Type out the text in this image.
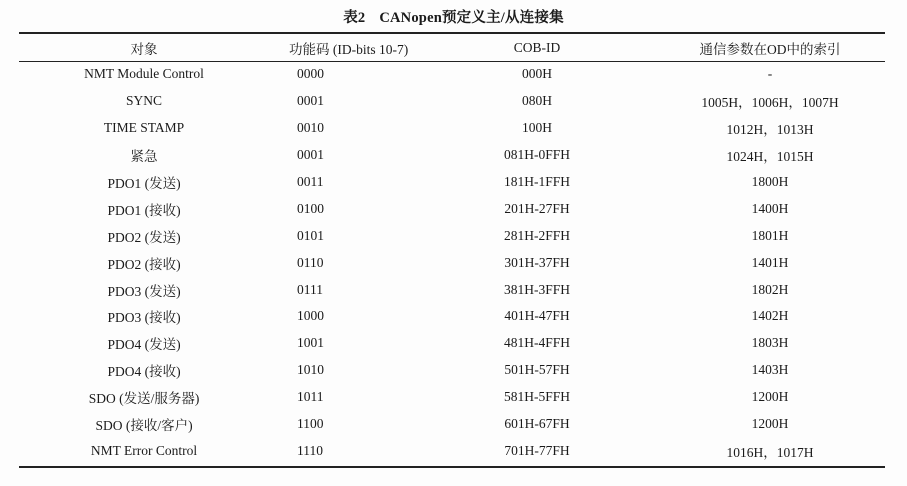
表2 CANopen预定义主/从连接集
对象	功能码 (ID-bits 10-7)	COB-ID	通信参数在OD中的索引
NMT Module Control	0000	000H	-
SYNC	0001	080H	1005H，1006H，1007H
TIME STAMP	0010	100H	1012H，1013H
紧急	0001	081H-0FFH	1024H，1015H
PDO1 (发送)	0011	181H-1FFH	1800H
PDO1 (接收)	0100	201H-27FH	1400H
PDO2 (发送)	0101	281H-2FFH	1801H
PDO2 (接收)	0110	301H-37FH	1401H
PDO3 (发送)	0111	381H-3FFH	1802H
PDO3 (接收)	1000	401H-47FH	1402H
PDO4 (发送)	1001	481H-4FFH	1803H
PDO4 (接收)	1010	501H-57FH	1403H
SDO (发送/服务器)	1011	581H-5FFH	1200H
SDO (接收/客户)	1100	601H-67FH	1200H
NMT Error Control	1110	701H-77FH	1016H，1017H
